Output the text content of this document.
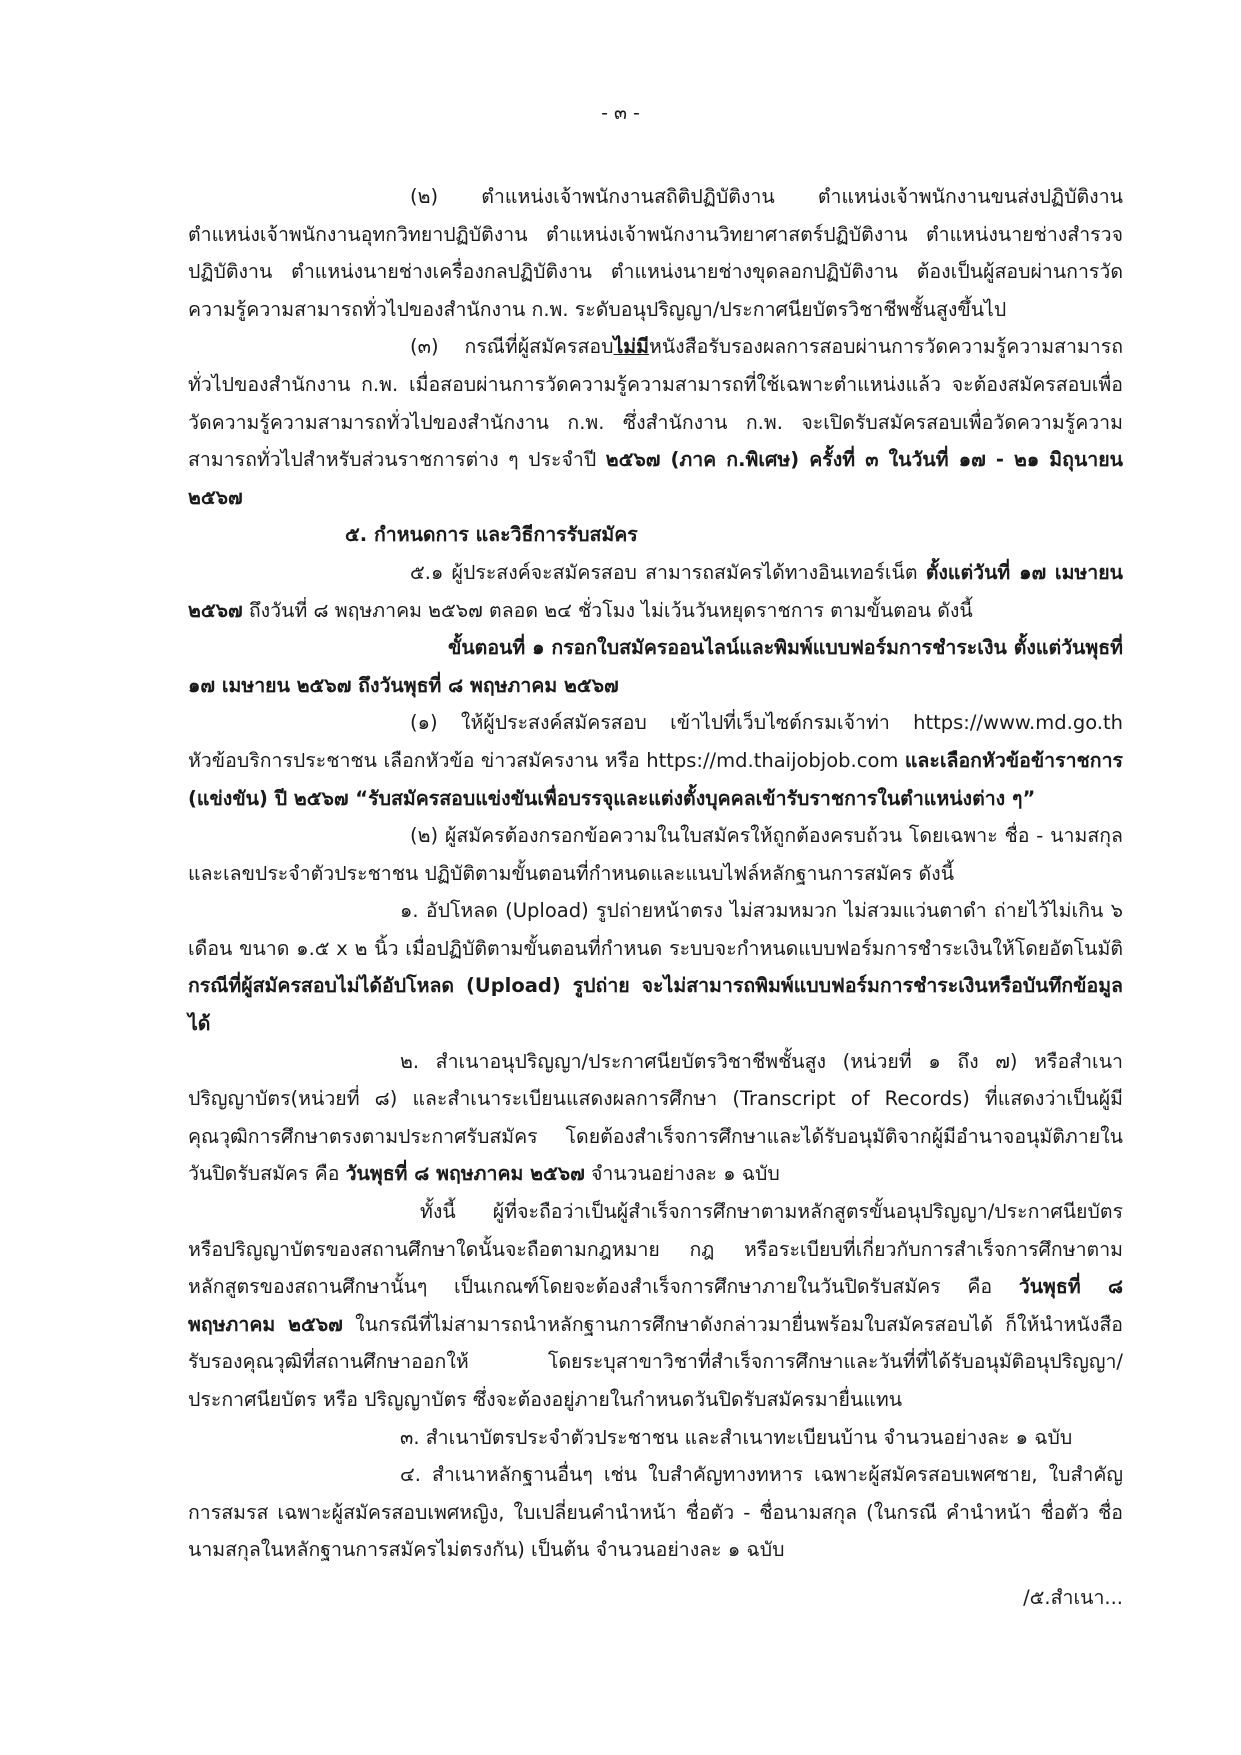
- ๓ -

(๒) ตำแหน่งเจ้าพนักงานสถิติปฏิบัติงาน ตำแหน่งเจ้าพนักงานขนส่งปฏิบัติงาน ตำแหน่งเจ้าพนักงานอุทกวิทยาปฏิบัติงาน ตำแหน่งเจ้าพนักงานวิทยาศาสตร์ปฏิบัติงาน ตำแหน่งนายช่างสำรวจปฏิบัติงาน ตำแหน่งนายช่างเครื่องกลปฏิบัติงาน ตำแหน่งนายช่างขุดลอกปฏิบัติงาน ต้องเป็นผู้สอบผ่านการวัดความรู้ความสามารถทั่วไปของสำนักงาน ก.พ. ระดับอนุปริญญา/ประกาศนียบัตรวิชาชีพชั้นสูงขึ้นไป

(๓) กรณีที่ผู้สมัครสอบไม่มีหนังสือรับรองผลการสอบผ่านการวัดความรู้ความสามารถทั่วไปของสำนักงาน ก.พ. เมื่อสอบผ่านการวัดความรู้ความสามารถที่ใช้เฉพาะตำแหน่งแล้ว จะต้องสมัครสอบเพื่อวัดความรู้ความสามารถทั่วไปของสำนักงาน ก.พ. ซึ่งสำนักงาน ก.พ. จะเปิดรับสมัครสอบเพื่อวัดความรู้ความสามารถทั่วไปสำหรับส่วนราชการต่าง ๆ ประจำปี ๒๕๖๗ (ภาค ก.พิเศษ) ครั้งที่ ๓ ในวันที่ ๑๗ - ๒๑ มิถุนายน ๒๕๖๗

๕. กำหนดการ และวิธีการรับสมัคร

๕.๑ ผู้ประสงค์จะสมัครสอบ สามารถสมัครได้ทางอินเทอร์เน็ต ตั้งแต่วันที่ ๑๗ เมษายน ๒๕๖๗ ถึงวันที่ ๘ พฤษภาคม ๒๕๖๗ ตลอด ๒๔ ชั่วโมง ไม่เว้นวันหยุดราชการ ตามขั้นตอน ดังนี้

ขั้นตอนที่ ๑ กรอกใบสมัครออนไลน์และพิมพ์แบบฟอร์มการชำระเงิน ตั้งแต่วันพุธที่ ๑๗ เมษายน ๒๕๖๗ ถึงวันพุธที่ ๘ พฤษภาคม ๒๕๖๗

(๑) ให้ผู้ประสงค์สมัครสอบ เข้าไปที่เว็บไซต์กรมเจ้าท่า https://www.md.go.th หัวข้อบริการประชาชน เลือกหัวข้อ ข่าวสมัครงาน หรือ https://md.thaijobjob.com และเลือกหัวข้อข้าราชการ (แข่งขัน) ปี ๒๕๖๗ “รับสมัครสอบแข่งขันเพื่อบรรจุและแต่งตั้งบุคคลเข้ารับราชการในตำแหน่งต่าง ๆ”

(๒) ผู้สมัครต้องกรอกข้อความในใบสมัครให้ถูกต้องครบถ้วน โดยเฉพาะ ชื่อ - นามสกุล และเลขประจำตัวประชาชน ปฏิบัติตามขั้นตอนที่กำหนดและแนบไฟล์หลักฐานการสมัคร ดังนี้

๑. อัปโหลด (Upload) รูปถ่ายหน้าตรง ไม่สวมหมวก ไม่สวมแว่นตาดำ ถ่ายไว้ไม่เกิน ๖ เดือน ขนาด ๑.๕ x ๒ นิ้ว เมื่อปฏิบัติตามขั้นตอนที่กำหนด ระบบจะกำหนดแบบฟอร์มการชำระเงินให้โดยอัตโนมัติ กรณีที่ผู้สมัครสอบไม่ได้อัปโหลด (Upload) รูปถ่าย จะไม่สามารถพิมพ์แบบฟอร์มการชำระเงินหรือบันทึกข้อมูลได้

๒. สำเนาอนุปริญญา/ประกาศนียบัตรวิชาชีพชั้นสูง (หน่วยที่ ๑ ถึง ๗) หรือสำเนาปริญญาบัตร(หน่วยที่ ๘) และสำเนาระเบียนแสดงผลการศึกษา (Transcript of Records) ที่แสดงว่าเป็นผู้มีคุณวุฒิการศึกษาตรงตามประกาศรับสมัคร โดยต้องสำเร็จการศึกษาและได้รับอนุมัติจากผู้มีอำนาจอนุมัติภายในวันปิดรับสมัคร คือ วันพุธที่ ๘ พฤษภาคม ๒๕๖๗ จำนวนอย่างละ ๑ ฉบับ

ทั้งนี้ ผู้ที่จะถือว่าเป็นผู้สำเร็จการศึกษาตามหลักสูตรขั้นอนุปริญญา/ประกาศนียบัตรหรือปริญญาบัตรของสถานศึกษาใดนั้นจะถือตามกฎหมาย กฎ หรือระเบียบที่เกี่ยวกับการสำเร็จการศึกษาตามหลักสูตรของสถานศึกษานั้นๆ เป็นเกณฑ์โดยจะต้องสำเร็จการศึกษาภายในวันปิดรับสมัคร คือ วันพุธที่ ๘ พฤษภาคม ๒๕๖๗ ในกรณีที่ไม่สามารถนำหลักฐานการศึกษาดังกล่าวมายื่นพร้อมใบสมัครสอบได้ ก็ให้นำหนังสือรับรองคุณวุฒิที่สถานศึกษาออกให้ โดยระบุสาขาวิชาที่สำเร็จการศึกษาและวันที่ที่ได้รับอนุมัติอนุปริญญา/ประกาศนียบัตร หรือ ปริญญาบัตร ซึ่งจะต้องอยู่ภายในกำหนดวันปิดรับสมัครมายื่นแทน

๓. สำเนาบัตรประจำตัวประชาชน และสำเนาทะเบียนบ้าน จำนวนอย่างละ ๑ ฉบับ

๔. สำเนาหลักฐานอื่นๆ เช่น ใบสำคัญทางทหาร เฉพาะผู้สมัครสอบเพศชาย, ใบสำคัญการสมรส เฉพาะผู้สมัครสอบเพศหญิง, ใบเปลี่ยนคำนำหน้า ชื่อตัว - ชื่อนามสกุล (ในกรณี คำนำหน้า ชื่อตัว ชื่อนามสกุลในหลักฐานการสมัครไม่ตรงกัน) เป็นต้น จำนวนอย่างละ ๑ ฉบับ

/๕.สำเนา...
